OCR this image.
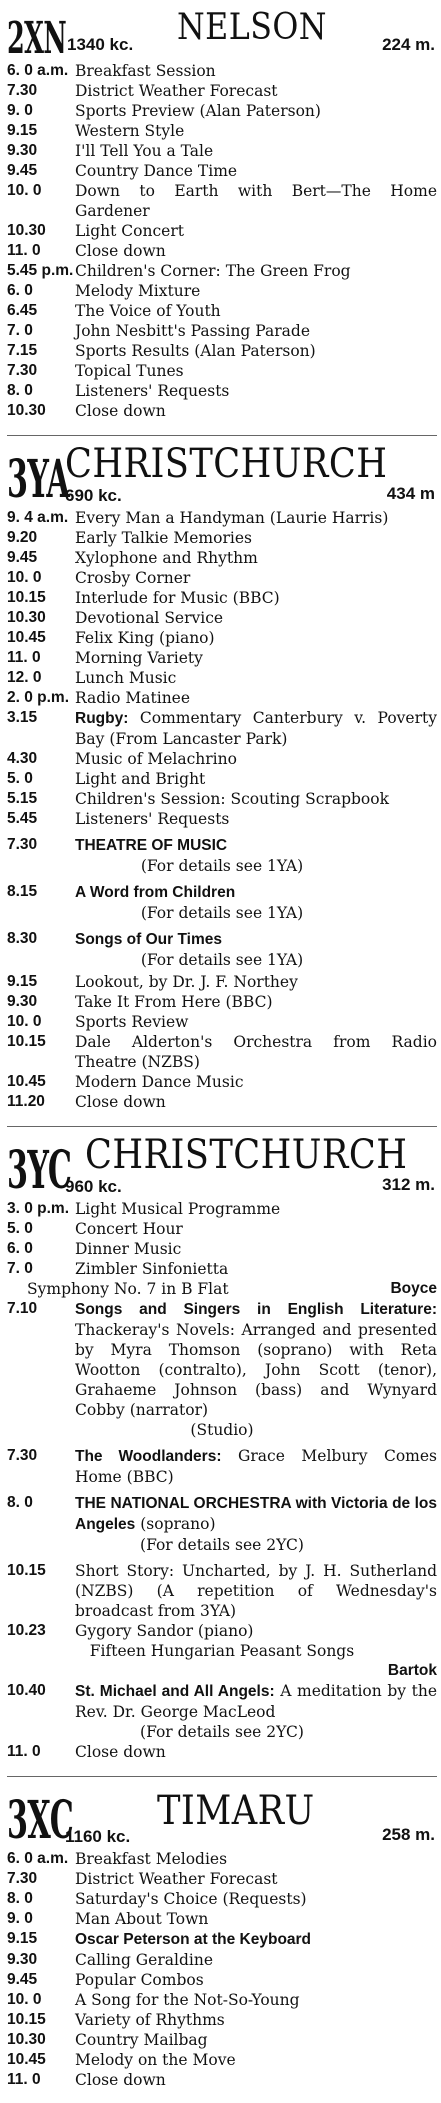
2XN 1340 kc. NELSON	224 m.
6. 0 a.m. Breakfast Session
7.30	District Weather Forecast
9. 0	Sports Preview (Alan Paterson)
9.15	Western Style
9.30	I'll Tell You a Tale
9.45	Country Dance Time
10. 0	Down to Earth with Bert—The Home Gardener
10.30	Light Concert
11. 0	Close down
5.45 p.m. Children's Corner: The Green Frog
6. 0	Melody Mixture
6.45	The Voice of Youth
7. 0	John Nesbitt's Passing Parade
7.15	Sports Results (Alan Paterson)
7.30	Topical Tunes
8. 0	Listeners' Requests
10.30	Close down
3YA
CHRISTCHURCH
690 kc.	434 m
9. 4 a.m. Every Man a Handyman (Laurie Harris)
9.20	Early Talkie Memories
9.45	Xylophone and Rhythm
10. 0	Crosby Corner
10.15	Interlude for Music (BBC)
10.30	Devotional Service
10.45	Felix King (piano)
11. 0	Morning Variety
12. 0	Lunch Music
2. 0 p.m. Radio Matinee
3.15	Rugby: Commentary Canterbury v. Poverty Bay (From Lancaster Park)
4.30	Music of Melachrino
5. 0	Light and Bright
5.15	Children's Session: Scouting Scrapbook
5.45	Listeners' Requests
7.30	THEATRE OF MUSIC
(For details see 1YA)
8.15	A Word from Children
(For details see 1YA)
8.30	Songs of Our Times
(For details see 1YA)
9.15	Lookout, by Dr. J. F. Northey
9.30	Take It From Here (BBC)
10. 0	Sports Review
10.15	Dale Alderton's Orchestra from Radio Theatre (NZBS)
10.45	Modern Dance Music
11.20	Close down
3YC CHRISTCHURCH
960 kc.	312 m.
3. 0 p.m. Light Musical Programme
5. 0	Concert Hour
6. 0	Dinner Music
7. 0	Zimbler Sinfonietta
Symphony No. 7 in B Flat	Boyce
7.10	Songs and Singers in English Literature: Thackeray's Novels: Arranged and presented by Myra Thomson (soprano) with Reta Wootton (contralto), John Scott (tenor), Grahaeme Johnson (bass) and Wynyard Cobby (narrator)
(Studio)
7.30	The Woodlanders: Grace Melbury Comes Home (BBC)
8. 0	THE NATIONAL ORCHESTRA with Victoria de los Angeles (soprano)
(For details see 2YC)
10.15	Short Story: Uncharted, by J. H. Sutherland (NZBS) (A repetition of Wednesday's broadcast from 3YA)
10.23	Gygory Sandor (piano)
Fifteen Hungarian Peasant Songs
Bartok
10.40	St. Michael and All Angels: A meditation by the Rev. Dr. George MacLeod
(For details see 2YC)
11. 0	Close down
3XC TIMARU
1160 kc.	258 m.
6. 0 a.m. Breakfast Melodies
7.30	District Weather Forecast
8. 0	Saturday's Choice (Requests)
9. 0	Man About Town
9.15	Oscar Peterson at the Keyboard
9.30	Calling Geraldine
9.45	Popular Combos
10. 0	A Song for the Not-So-Young
10.15	Variety of Rhythms
10.30	Country Mailbag
10.45	Melody on the Move
11. 0	Close down
